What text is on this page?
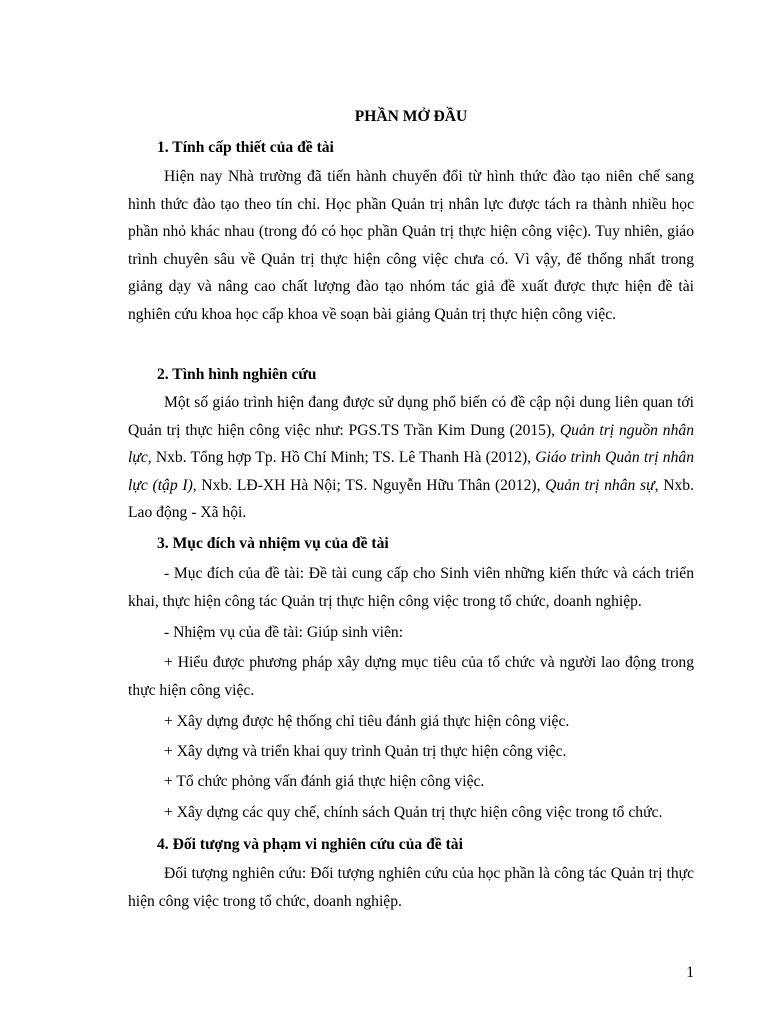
PHẦN MỞ ĐẦU
1. Tính cấp thiết của đề tài

Hiện nay Nhà trường đã tiến hành chuyển đổi từ hình thức đào tạo niên chế sang hình thức đào tạo theo tín chỉ. Học phần Quản trị nhân lực được tách ra thành nhiều học phần nhỏ khác nhau (trong đó có học phần Quản trị thực hiện công việc). Tuy nhiên, giáo trình chuyên sâu về Quản trị thực hiện công việc chưa có. Vì vậy, để thống nhất trong giảng dạy và nâng cao chất lượng đào tạo nhóm tác giả đề xuất được thực hiện đề tài nghiên cứu khoa học cấp khoa về soạn bài giảng Quản trị thực hiện công việc.

2. Tình hình nghiên cứu

Một số giáo trình hiện đang được sử dụng phổ biến có đề cập nội dung liên quan tới Quản trị thực hiện công việc như: PGS.TS Trần Kim Dung (2015), Quản trị nguồn nhân lực, Nxb. Tổng hợp Tp. Hồ Chí Minh; TS. Lê Thanh Hà (2012), Giáo trình Quản trị nhân lực (tập I), Nxb. LĐ-XH Hà Nội; TS. Nguyễn Hữu Thân (2012), Quản trị nhân sự, Nxb. Lao động - Xã hội.

3. Mục đích và nhiệm vụ của đề tài

- Mục đích của đề tài: Đề tài cung cấp cho Sinh viên những kiến thức và cách triển khai, thực hiện công tác Quản trị thực hiện công việc trong tổ chức, doanh nghiệp.

- Nhiệm vụ của đề tài: Giúp sinh viên:

+ Hiểu được phương pháp xây dựng mục tiêu của tổ chức và người lao động trong thực hiện công việc.

+ Xây dựng được hệ thống chỉ tiêu đánh giá thực hiện công việc.

+ Xây dựng và triển khai quy trình Quản trị thực hiện công việc.

+ Tổ chức phỏng vấn đánh giá thực hiện công việc.

+ Xây dựng các quy chế, chính sách Quản trị thực hiện công việc trong tổ chức.

4. Đối tượng và phạm vi nghiên cứu của đề tài

Đối tượng nghiên cứu: Đối tượng nghiên cứu của học phần là công tác Quản trị thực hiện công việc trong tổ chức, doanh nghiệp.

1
